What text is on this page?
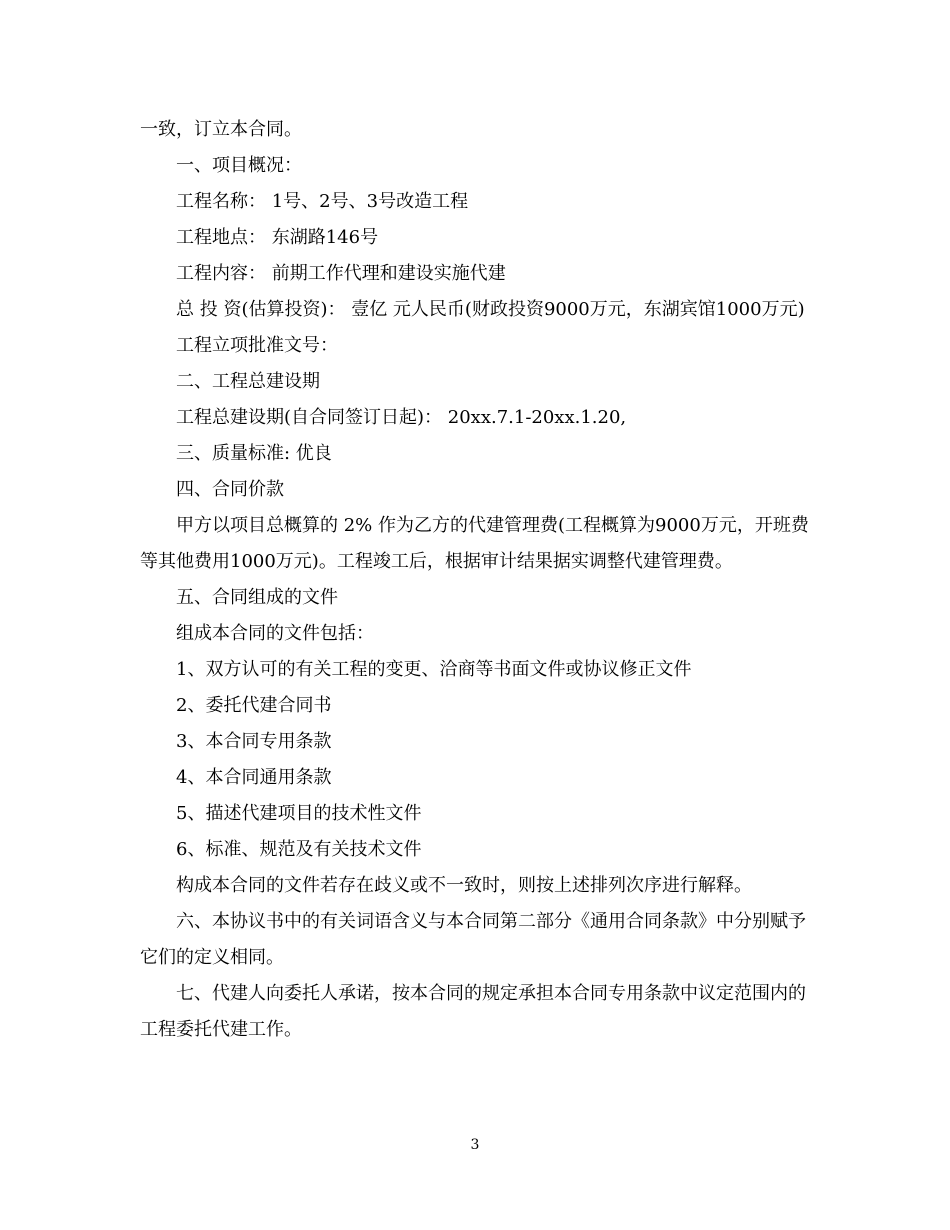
一致，订立本合同。

一、项目概况：

工程名称： 1号、2号、3号改造工程

工程地点： 东湖路146号

工程内容： 前期工作代理和建设实施代建

总 投 资(估算投资)： 壹亿 元人民币(财政投资9000万元，东湖宾馆1000万元)

工程立项批准文号：

二、工程总建设期

工程总建设期(自合同签订日起)： 20xx.7.1-20xx.1.20,

三、质量标准: 优良

四、合同价款

甲方以项目总概算的 2% 作为乙方的代建管理费(工程概算为9000万元，开班费等其他费用1000万元)。工程竣工后，根据审计结果据实调整代建管理费。

五、合同组成的文件

组成本合同的文件包括：

1、双方认可的有关工程的变更、洽商等书面文件或协议修正文件

2、委托代建合同书

3、本合同专用条款

4、本合同通用条款

5、描述代建项目的技术性文件

6、标准、规范及有关技术文件

构成本合同的文件若存在歧义或不一致时，则按上述排列次序进行解释。

六、本协议书中的有关词语含义与本合同第二部分《通用合同条款》中分别赋予它们的定义相同。

七、代建人向委托人承诺，按本合同的规定承担本合同专用条款中议定范围内的工程委托代建工作。

3
